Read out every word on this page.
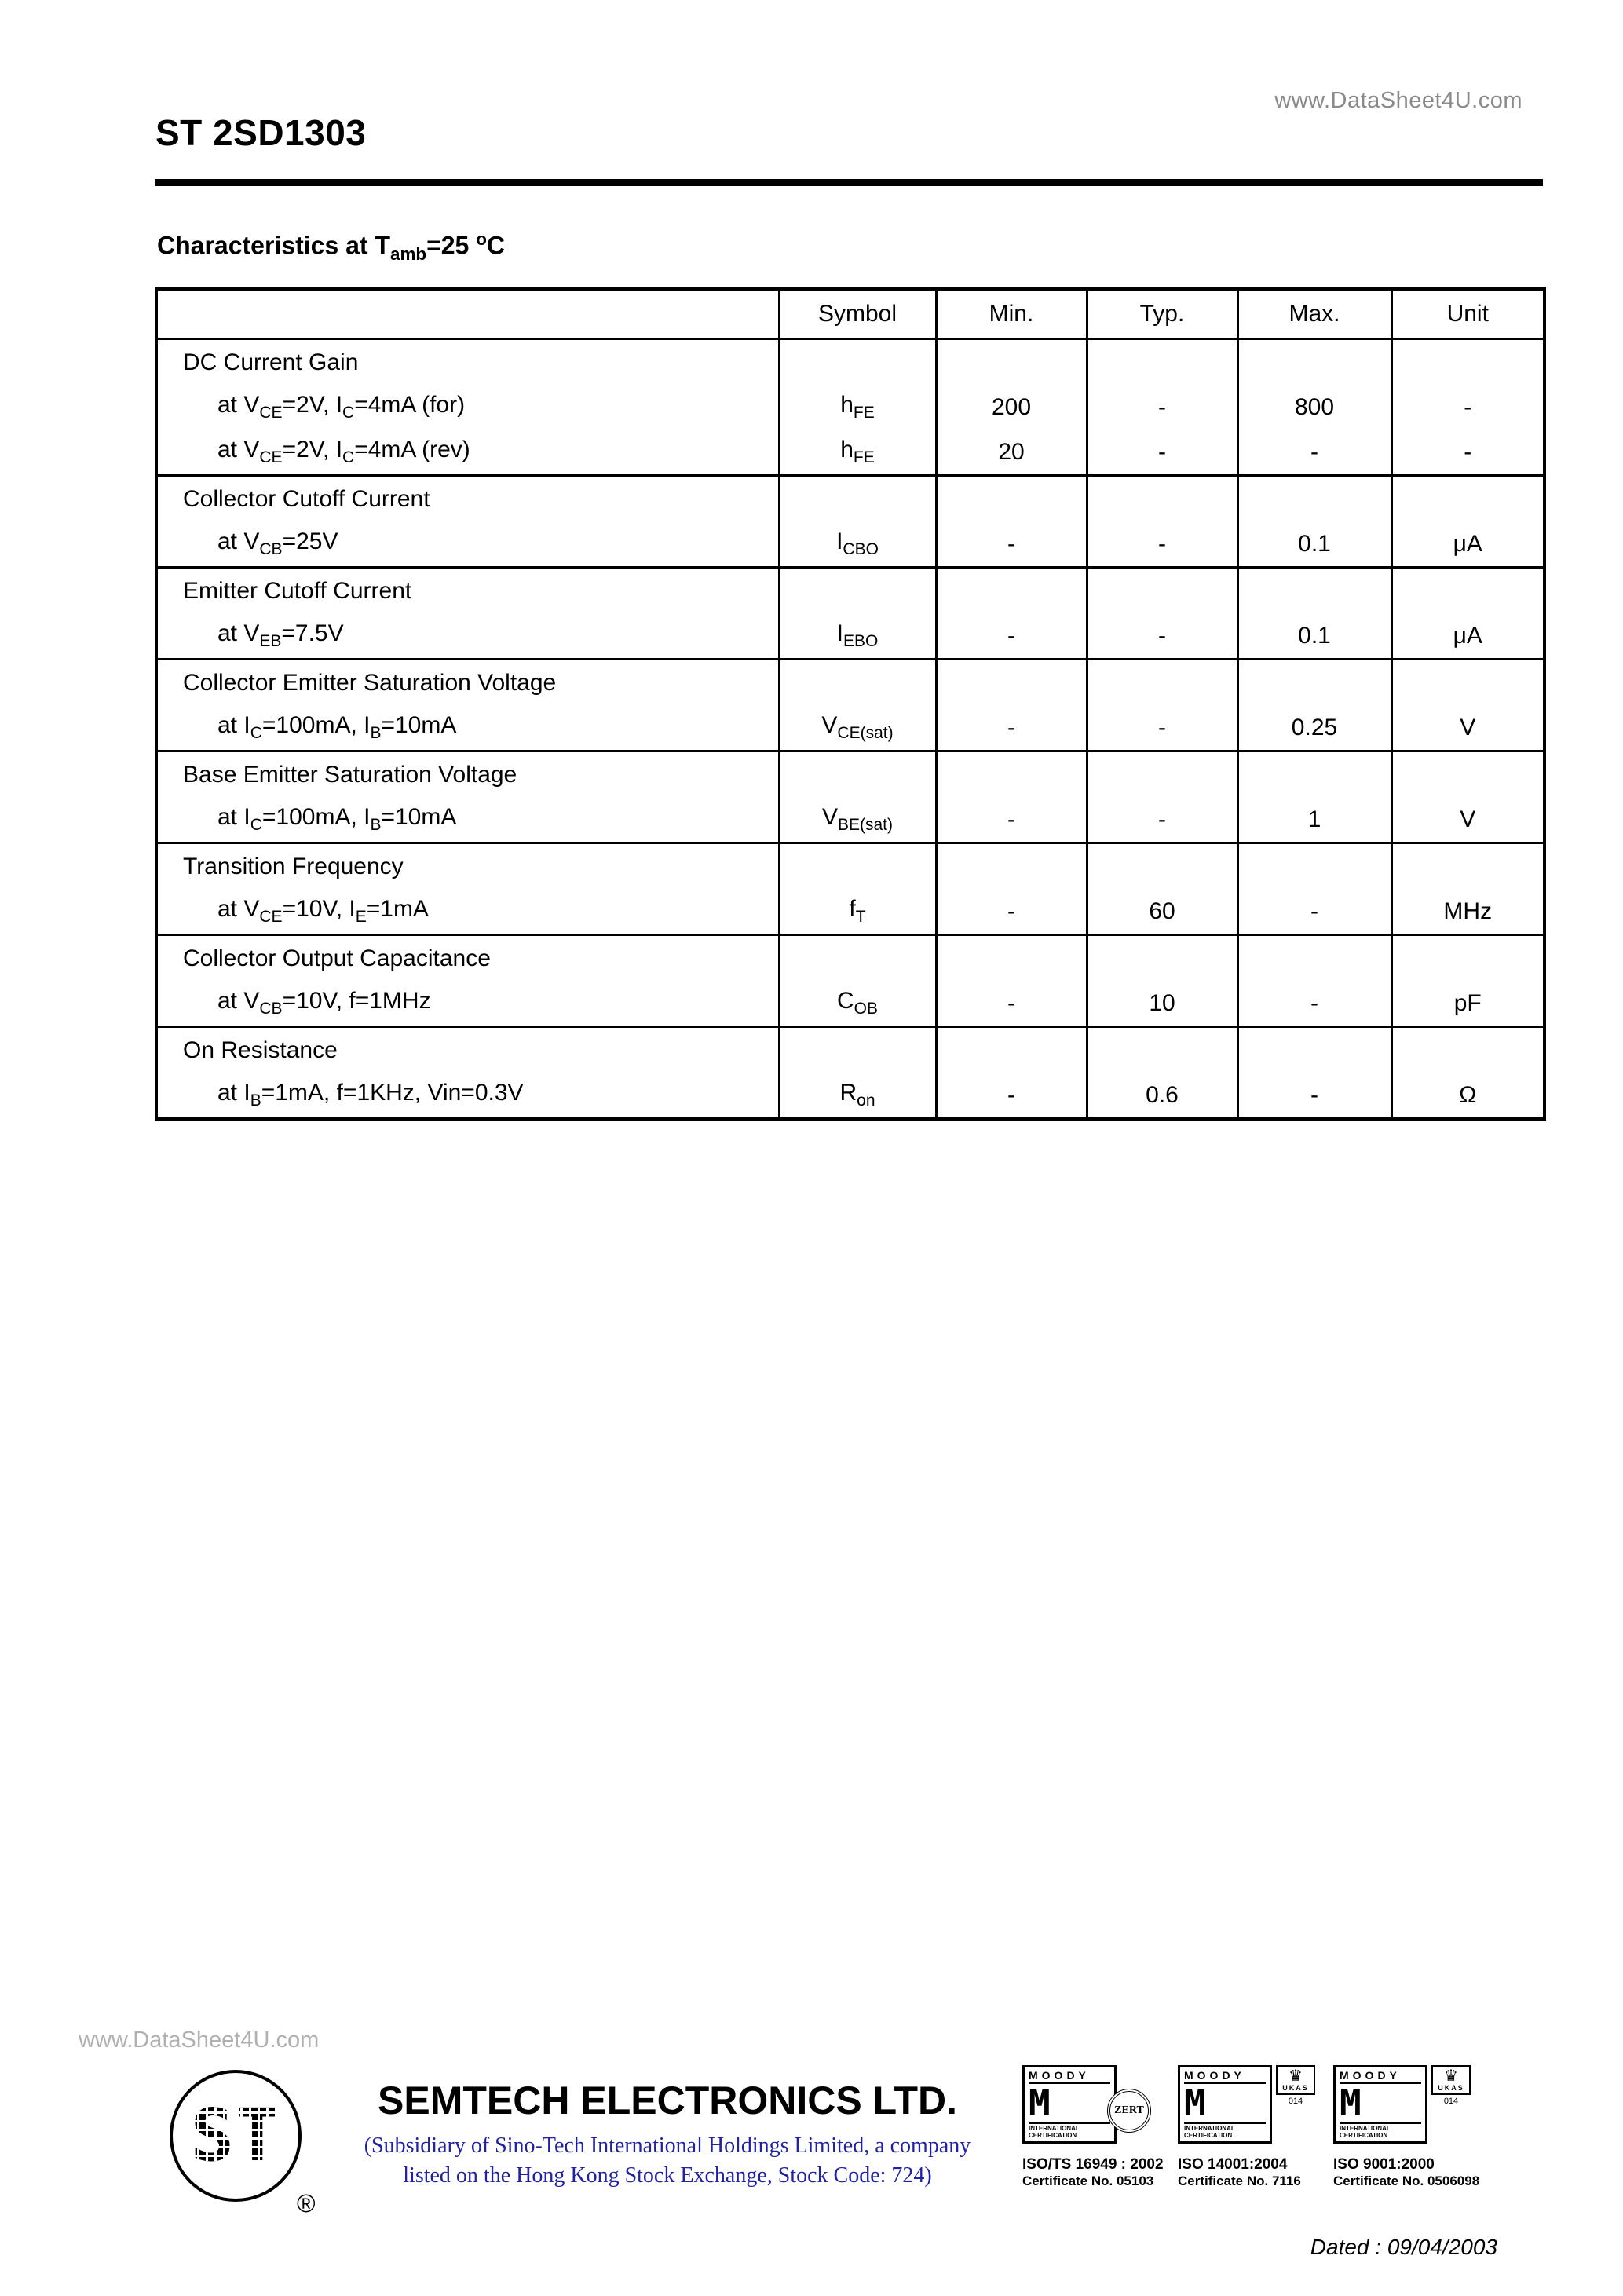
www.DataSheet4U.com
ST 2SD1303
Characteristics at $T_{amb}=25$ $^o$C
	Symbol	Min.	Typ.	Max.	Unit
DC Current Gain					
at $V_{CE}=2V$, $I_C=4mA$ (for)	$h_{FE}$	200	-	800	-
at $V_{CE}=2V$, $I_C=4mA$ (rev)	$h_{FE}$	20	-	-	-
Collector Cutoff Current					
at $V_{CB}=25V$	$I_{CBO}$	-	-	0.1	μA
Emitter Cutoff Current					
at $V_{EB}=7.5V$	$I_{EBO}$	-	-	0.1	μA
Collector Emitter Saturation Voltage					
at $I_C=100mA$, $I_B=10mA$	$V_{CE(sat)}$	-	-	0.25	V
Base Emitter Saturation Voltage					
at $I_C=100mA$, $I_B=10mA$	$V_{BE(sat)}$	-	-	1	V
Transition Frequency					
at $V_{CE}=10V$, $I_E=1mA$	$f_T$	-	60	-	MHz
Collector Output Capacitance					
at $V_{CB}=10V$, f=1MHz	$C_{OB}$	-	10	-	pF
On Resistance					
at $I_B=1mA$, f=1KHz, Vin=0.3V	$R_{on}$	-	0.6	-	Ω
www.DataSheet4U.com
ST
®
SEMTECH ELECTRONICS LTD.
(Subsidiary of Sino-Tech International Holdings Limited, a company
listed on the Hong Kong Stock Exchange, Stock Code: 724)
MOODY
M
INTERNATIONAL CERTIFICATION
ZERT
ISO/TS 16949 : 2002
Certificate No. 05103
MOODY
M
INTERNATIONAL CERTIFICATION
♛
UKAS
014
ISO 14001:2004
Certificate No. 7116
MOODY
M
INTERNATIONAL CERTIFICATION
♛
UKAS
014
ISO 9001:2000
Certificate No. 0506098
Dated : 09/04/2003
